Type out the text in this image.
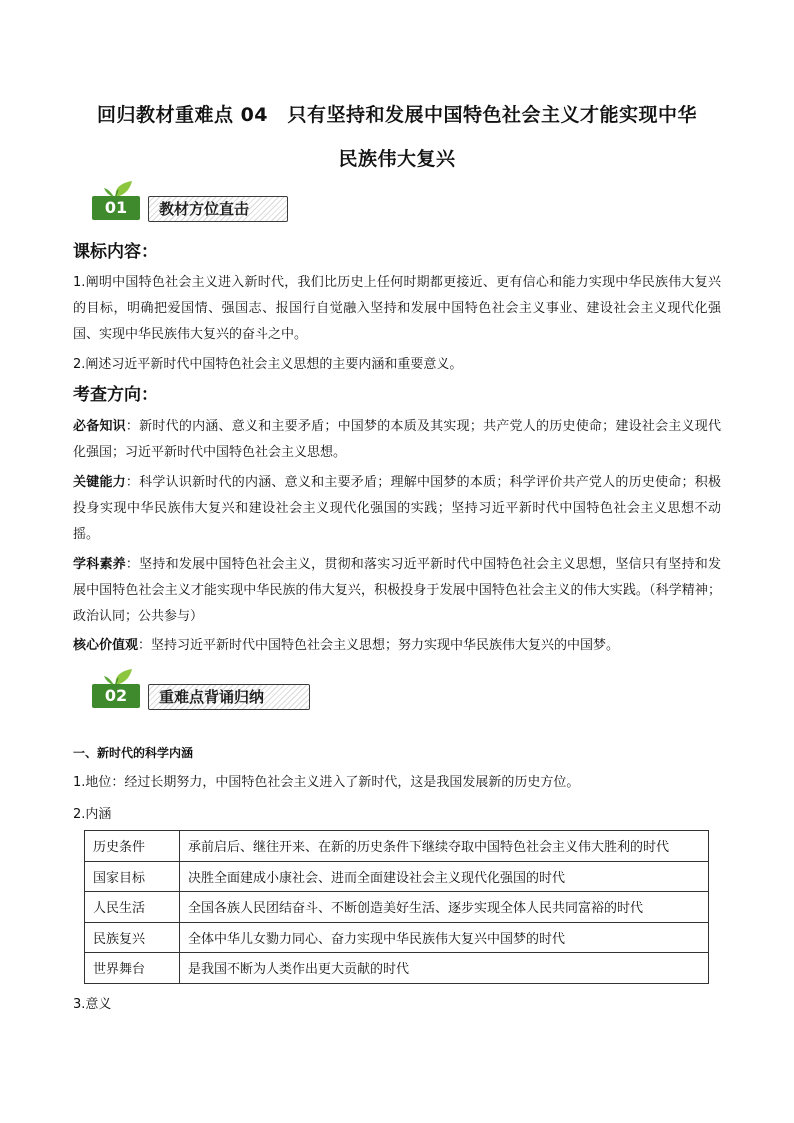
回归教材重难点 04　只有坚持和发展中国特色社会主义才能实现中华
民族伟大复兴
01	教材方位直击
课标内容：
1.阐明中国特色社会主义进入新时代，我们比历史上任何时期都更接近、更有信心和能力实现中华民族伟大复兴的目标，明确把爱国情、强国志、报国行自觉融入坚持和发展中国特色社会主义事业、建设社会主义现代化强国、实现中华民族伟大复兴的奋斗之中。
2.阐述习近平新时代中国特色社会主义思想的主要内涵和重要意义。
考查方向：
必备知识：新时代的内涵、意义和主要矛盾；中国梦的本质及其实现；共产党人的历史使命；建设社会主义现代化强国；习近平新时代中国特色社会主义思想。
关键能力：科学认识新时代的内涵、意义和主要矛盾；理解中国梦的本质；科学评价共产党人的历史使命；积极投身实现中华民族伟大复兴和建设社会主义现代化强国的实践；坚持习近平新时代中国特色社会主义思想不动摇。
学科素养：坚持和发展中国特色社会主义，贯彻和落实习近平新时代中国特色社会主义思想，坚信只有坚持和发展中国特色社会主义才能实现中华民族的伟大复兴，积极投身于发展中国特色社会主义的伟大实践。（科学精神；政治认同；公共参与）
核心价值观：坚持习近平新时代中国特色社会主义思想；努力实现中华民族伟大复兴的中国梦。
02	重难点背诵归纳
一、新时代的科学内涵
1.地位：经过长期努力，中国特色社会主义进入了新时代，这是我国发展新的历史方位。
2.内涵
历史条件	承前启后、继往开来、在新的历史条件下继续夺取中国特色社会主义伟大胜利的时代
国家目标	决胜全面建成小康社会、进而全面建设社会主义现代化强国的时代
人民生活	全国各族人民团结奋斗、不断创造美好生活、逐步实现全体人民共同富裕的时代
民族复兴	全体中华儿女勠力同心、奋力实现中华民族伟大复兴中国梦的时代
世界舞台	是我国不断为人类作出更大贡献的时代
3.意义
